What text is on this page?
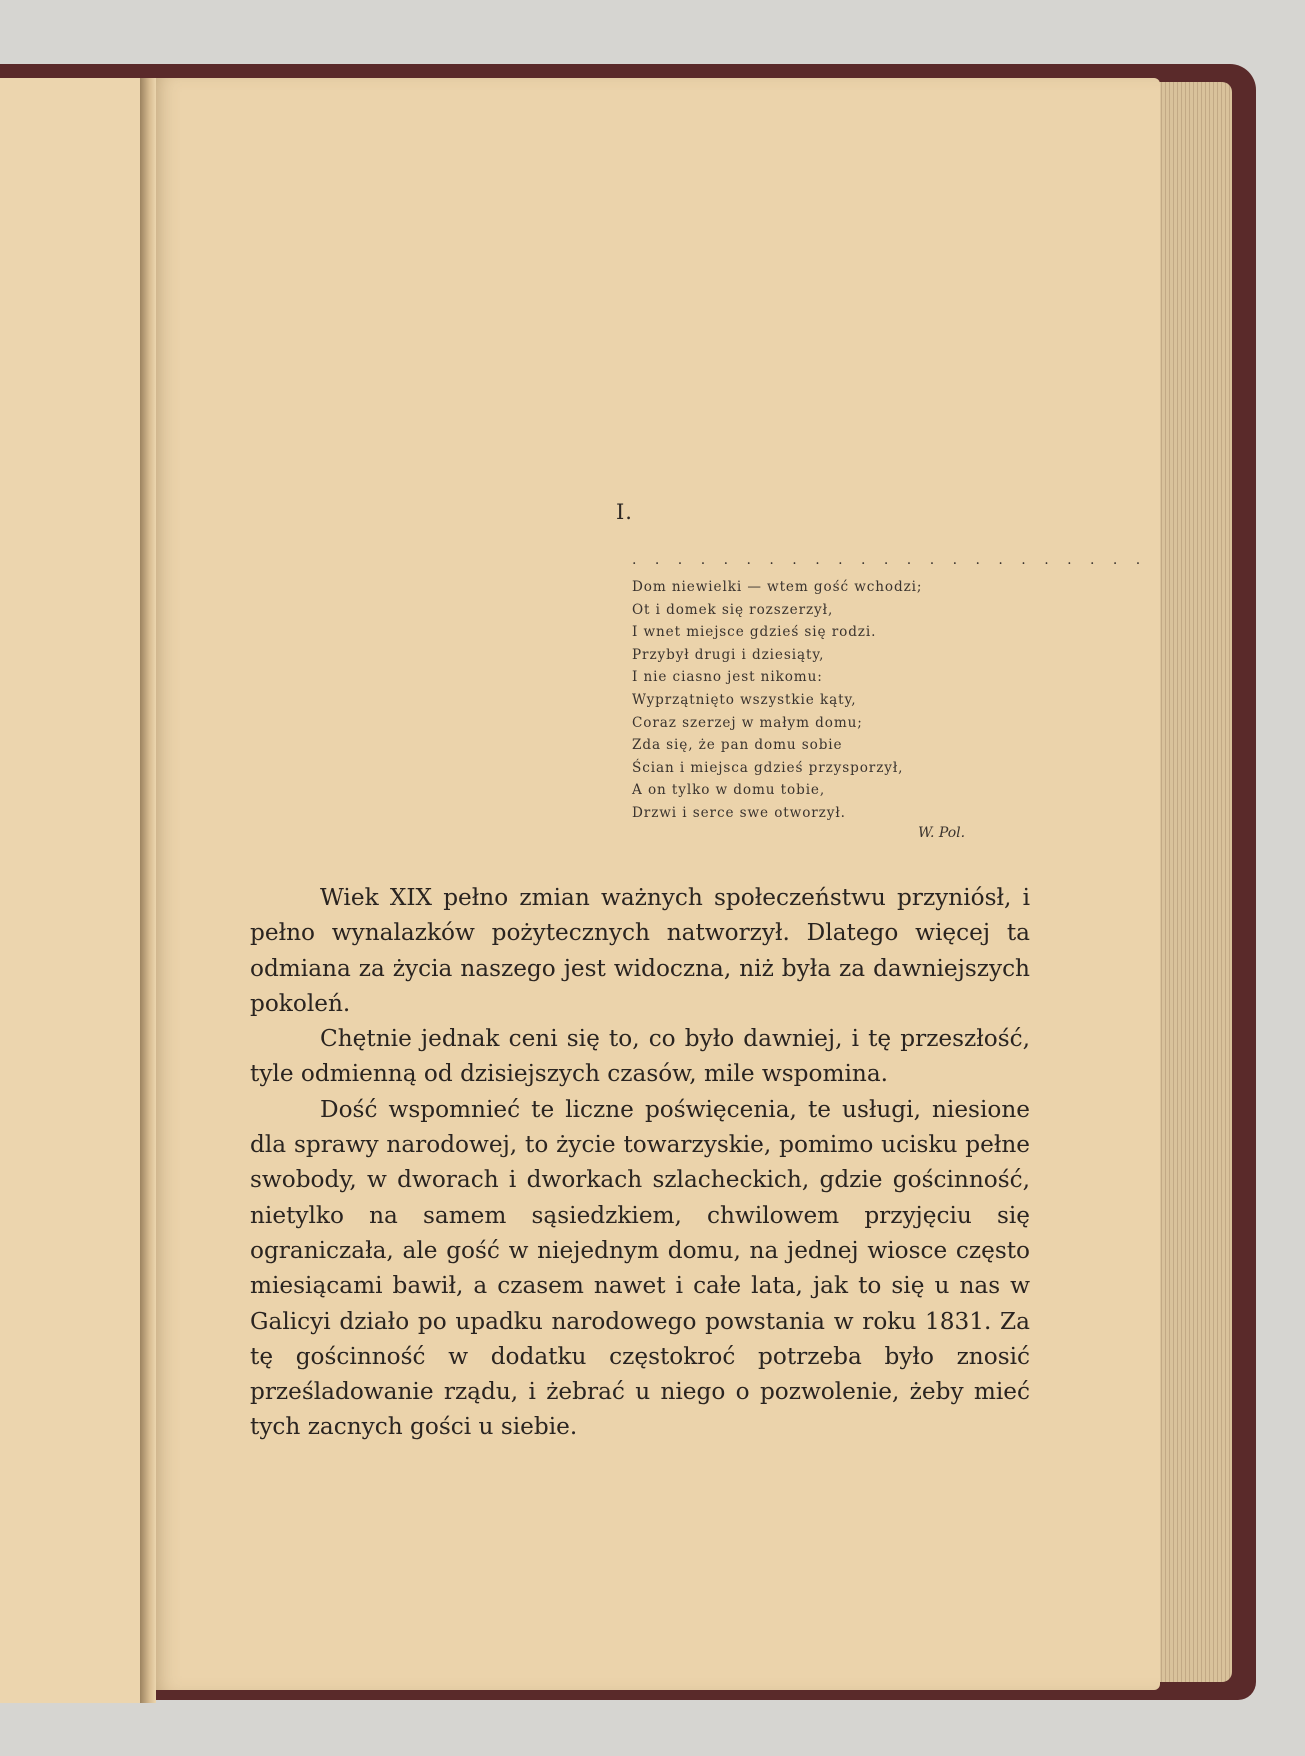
I.
. . . . . . . . . . . . . . . . . . . . . . .
Dom niewielki — wtem gość wchodzi;
Ot i domek się rozszerzył,
I wnet miejsce gdzieś się rodzi.
Przybył drugi i dziesiąty,
I nie ciasno jest nikomu:
Wyprzątnięto wszystkie kąty,
Coraz szerzej w małym domu;
Zda się, że pan domu sobie
Ścian i miejsca gdzieś przysporzył,
A on tylko w domu tobie,
Drzwi i serce swe otworzył.
W. Pol.

Wiek XIX pełno zmian ważnych społeczeństwu przyniósł, i pełno wynalazków pożytecznych natworzył. Dlatego więcej ta odmiana za życia naszego jest widoczna, niż była za dawniejszych pokoleń.

Chętnie jednak ceni się to, co było dawniej, i tę przeszłość, tyle odmienną od dzisiejszych czasów, mile wspomina.

Dość wspomnieć te liczne poświęcenia, te usługi, niesione dla sprawy narodowej, to życie towarzyskie, pomimo ucisku pełne swobody, w dworach i dworkach szlacheckich, gdzie gościnność, nietylko na samem sąsiedzkiem, chwilowem przyjęciu się ograniczała, ale gość w niejednym domu, na jednej wiosce często miesiącami bawił, a czasem nawet i całe lata, jak to się u nas w Galicyi działo po upadku narodowego powstania w roku 1831. Za tę gościnność w dodatku częstokroć potrzeba było znosić prześladowanie rządu, i żebrać u niego o pozwolenie, żeby mieć tych zacnych gości u siebie.
